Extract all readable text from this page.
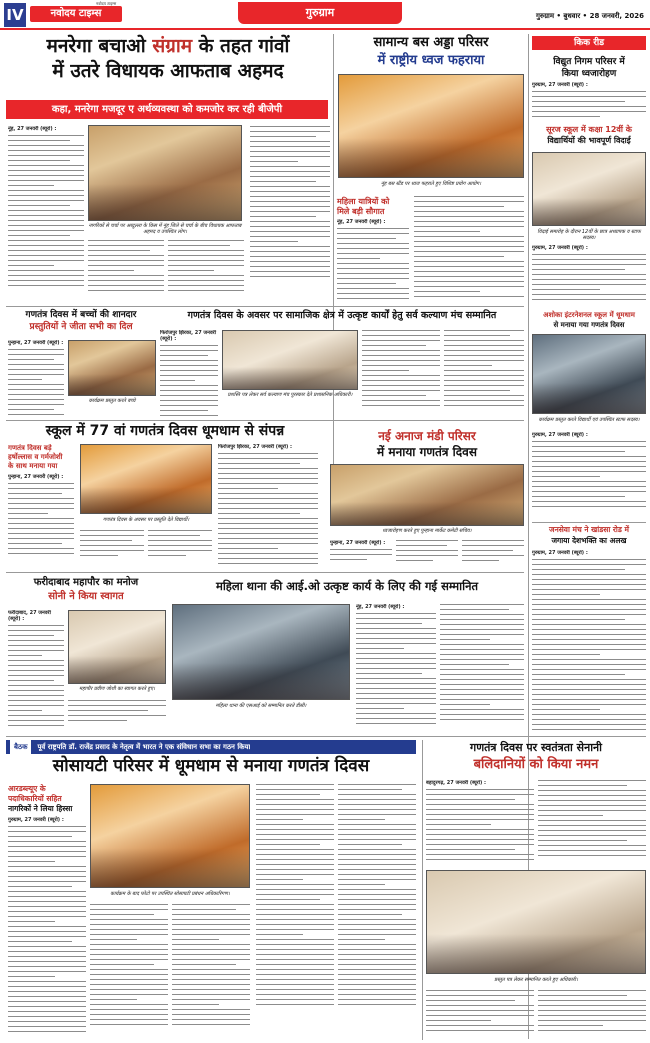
IV	नवोदय टाइम्स
नवोदय टाइम्स
गुरुग्राम	गुरुग्राम • बुधवार • 28 जनवरी, 2026
मनरेगा बचाओ संग्राम के तहत गांवों
में उतरे विधायक आफताब अहमद
कहा, मनरेगा मजदूर ए अर्थव्यवस्था को कमजोर कर रही बीजेपी
नूंह, 27 जनवरी (ब्यूरो) :
नागरिकों से चर्चा पर अब्दुल्ला के किस में नूंह जिले से चर्चा के बीच विधायक आफताब अहमद व उपस्थित लोग।
सामान्य बस अड्डा परिसर
में राष्ट्रीय ध्वज फहराया
नूंह बस स्टैंड पर ध्वज फहराते हुए विशिष्ट प्रयोग आयोग।
महिला यात्रियों को
मिले बड़ी सौगात
नूंह, 27 जनवरी (ब्यूरो) :
किक रीड
विद्युत निगम परिसर में
किया ध्वजारोहण
गुरुग्राम, 27 जनवरी (ब्यूरो) :
सूरज स्कूल में कक्षा 12वीं के
विद्यार्थियों की भावपूर्ण विदाई
विदाई समारोह के दौरान 12वीं के छात्र अध्यापक व स्टाफ सदस्य।
गुरुग्राम, 27 जनवरी (ब्यूरो) :
अशोका इंटरनेशनल स्कूल में धूमधाम
से मनाया गया गणतंत्र दिवस
कार्यक्रम प्रस्तुत करते विद्यार्थी एवं उपस्थित स्टाफ सदस्य।
गुरुग्राम, 27 जनवरी (ब्यूरो) :
गणतंत्र दिवस में बच्चों की शानदार
प्रस्तुतियों ने जीता सभी का दिल
पुन्हाना, 27 जनवरी (ब्यूरो) :
कार्यक्रम प्रस्तुत करते बच्चे
गणतंत्र दिवस के अवसर पर सामाजिक क्षेत्र में उत्कृष्ट कार्यों हेतु सर्व कल्याण मंच सम्मानित
फिरोजपुर झिरका, 27 जनवरी (ब्यूरो) :
प्रशस्ति पत्र लेकर सर्व कल्याण मंच पुरस्कार देते प्रशासनिक अधिकारी।
स्कूल में 77 वां गणतंत्र दिवस धूमधाम से संपन्न
गणतंत्र दिवस बड़े
हर्षोल्लास व गर्मजोशी
के साथ मनाया गया
पुन्हाना, 27 जनवरी (ब्यूरो) :
गणतंत्र दिवस के अवसर पर प्रस्तुति देते विद्यार्थी।
फिरोजपुर झिरका, 27 जनवरी (ब्यूरो) :
नई अनाज मंडी परिसर
में मनाया गणतंत्र दिवस
ध्वजारोहण करते हुए पुन्हाना मार्केट कमेटी सचिव।
पुन्हाना, 27 जनवरी (ब्यूरो) :
फरीदाबाद महापौर का मनोज
सोनी ने किया स्वागत
फरीदाबाद, 27 जनवरी (ब्यूरो) :
महापौर प्रवीण जोशी का स्वागत करते हुए।
महिला थाना की आई.ओ उत्कृष्ट कार्य के लिए की गई सम्मानित
महिला थाना की एसआई को सम्मानित करते डीसी।
नूंह, 27 जनवरी (ब्यूरो) :
जनसेवा मंच ने खांडसा रोड में
जगाया देशभक्ति का अलख
गुरुग्राम, 27 जनवरी (ब्यूरो) :
बैठक	पूर्व राष्ट्रपति डॉ. राजेंद्र प्रसाद के नेतृत्व में भारत ने एक संविधान सभा का गठन किया
सोसायटी परिसर में धूमधाम से मनाया गणतंत्र दिवस
आरडब्ल्यूए के
पदाधिकारियों सहित
नागरिकों ने लिया हिस्सा
गुरुग्राम, 27 जनवरी (ब्यूरो) :
कार्यक्रम के बाद फोटो पर उपस्थित सोसायटी प्रबंधन अधिकारिगण।
गणतंत्र दिवस पर स्वतंत्रता सेनानी
बलिदानियों को किया नमन
बहादुरगढ़, 27 जनवरी (ब्यूरो) :
प्रस्तुत पत्र लेकर सम्मानित करते हुए अधिकारी।
